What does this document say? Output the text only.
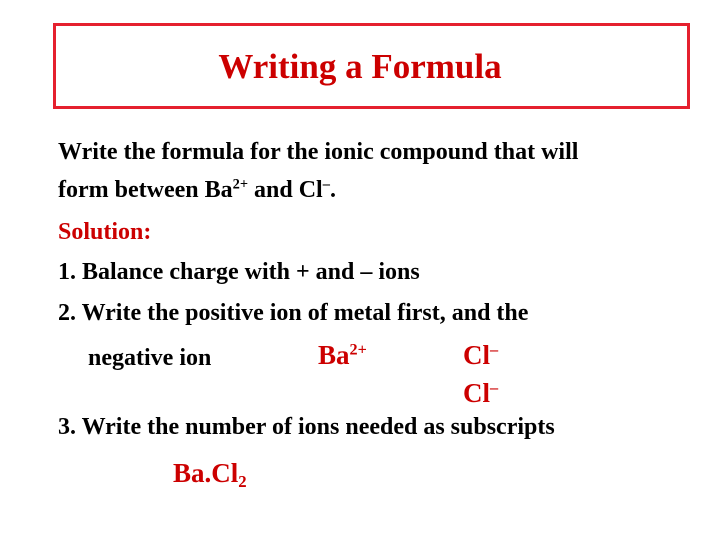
Writing a Formula

Write the formula for the ionic compound that will

form between $Ba^{2+}$ and Cl–.

Solution:

1. Balance charge with + and – ions

2. Write the positive ion of metal first, and the

negative ion	$Ba^{2+}$	Cl–

Cl–

3. Write the number of ions needed as subscripts

$Ba.Cl_2$
